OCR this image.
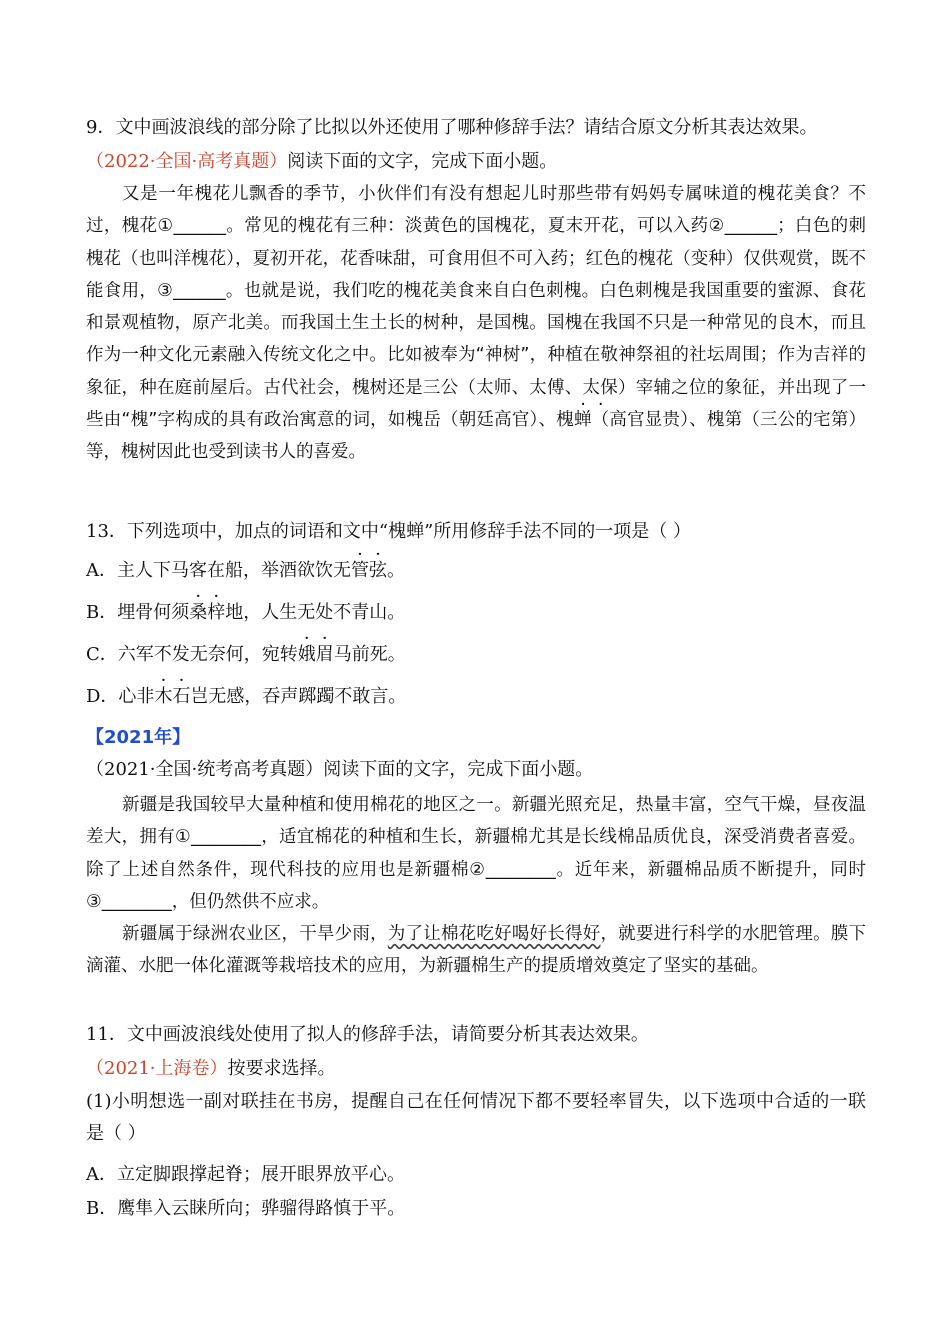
9．文中画波浪线的部分除了比拟以外还使用了哪种修辞手法？请结合原文分析其表达效果。
（2022·全国·高考真题）阅读下面的文字，完成下面小题。

又是一年槐花儿飘香的季节，小伙伴们有没有想起儿时那些带有妈妈专属味道的槐花美食？不过，槐花①______。常见的槐花有三种：淡黄色的国槐花，夏末开花，可以入药②______；白色的刺槐花（也叫洋槐花），夏初开花，花香味甜，可食用但不可入药；红色的槐花（变种）仅供观赏，既不能食用，③______。也就是说，我们吃的槐花美食来自白色刺槐。白色刺槐是我国重要的蜜源、食花和景观植物，原产北美。而我国土生土长的树种，是国槐。国槐在我国不只是一种常见的良木，而且作为一种文化元素融入传统文化之中。比如被奉为“神树”，种植在敬神祭祖的社坛周围；作为吉祥的象征，种在庭前屋后。古代社会，槐树还是三公（太师、太傅、太保）宰辅之位的象征，并出现了一些由“槐”字构成的具有政治寓意的词，如槐岳（朝廷高官）、槐蝉（高官显贵）、槐第（三公的宅第）等，槐树因此也受到读书人的喜爱。

13．下列选项中，加点的词语和文中“槐蝉”所用修辞手法不同的一项是（ ）
A．主人下马客在船，举酒欲饮无管弦。
B．埋骨何须桑梓地，人生无处不青山。
C．六军不发无奈何，宛转娥眉马前死。
D．心非木石岂无感，吞声踯躅不敢言。
【2021年】
（2021·全国·统考高考真题）阅读下面的文字，完成下面小题。

新疆是我国较早大量种植和使用棉花的地区之一。新疆光照充足，热量丰富，空气干燥，昼夜温差大，拥有①________，适宜棉花的种植和生长，新疆棉尤其是长线棉品质优良，深受消费者喜爱。除了上述自然条件，现代科技的应用也是新疆棉②________。近年来，新疆棉品质不断提升，同时③________，但仍然供不应求。

新疆属于绿洲农业区，干旱少雨，为了让棉花吃好喝好长得好，就要进行科学的水肥管理。膜下滴灌、水肥一体化灌溉等栽培技术的应用，为新疆棉生产的提质增效奠定了坚实的基础。

11．文中画波浪线处使用了拟人的修辞手法，请简要分析其表达效果。
（2021·上海卷）按要求选择。
(1)小明想选一副对联挂在书房，提醒自己在任何情况下都不要轻率冒失，以下选项中合适的一联是（ ）
A．立定脚跟撑起脊；展开眼界放平心。
B．鹰隼入云睐所向；骅骝得路慎于平。
